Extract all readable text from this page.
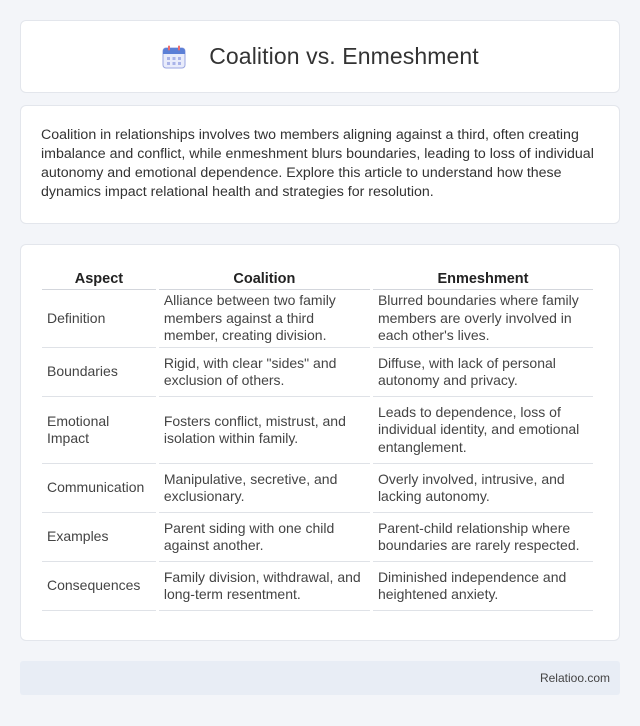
Coalition vs. Enmeshment

Coalition in relationships involves two members aligning against a third, often creating imbalance and conflict, while enmeshment blurs boundaries, leading to loss of individual autonomy and emotional dependence. Explore this article to understand how these dynamics impact relational health and strategies for resolution.

Aspect	Coalition	Enmeshment
Definition	Alliance between two family members against a third member, creating division.	Blurred boundaries where family members are overly involved in each other's lives.
Boundaries	Rigid, with clear "sides" and exclusion of others.	Diffuse, with lack of personal autonomy and privacy.
Emotional Impact	Fosters conflict, mistrust, and isolation within family.	Leads to dependence, loss of individual identity, and emotional entanglement.
Communication	Manipulative, secretive, and exclusionary.	Overly involved, intrusive, and lacking autonomy.
Examples	Parent siding with one child against another.	Parent-child relationship where boundaries are rarely respected.
Consequences	Family division, withdrawal, and long-term resentment.	Diminished independence and heightened anxiety.
Relatioo.com
